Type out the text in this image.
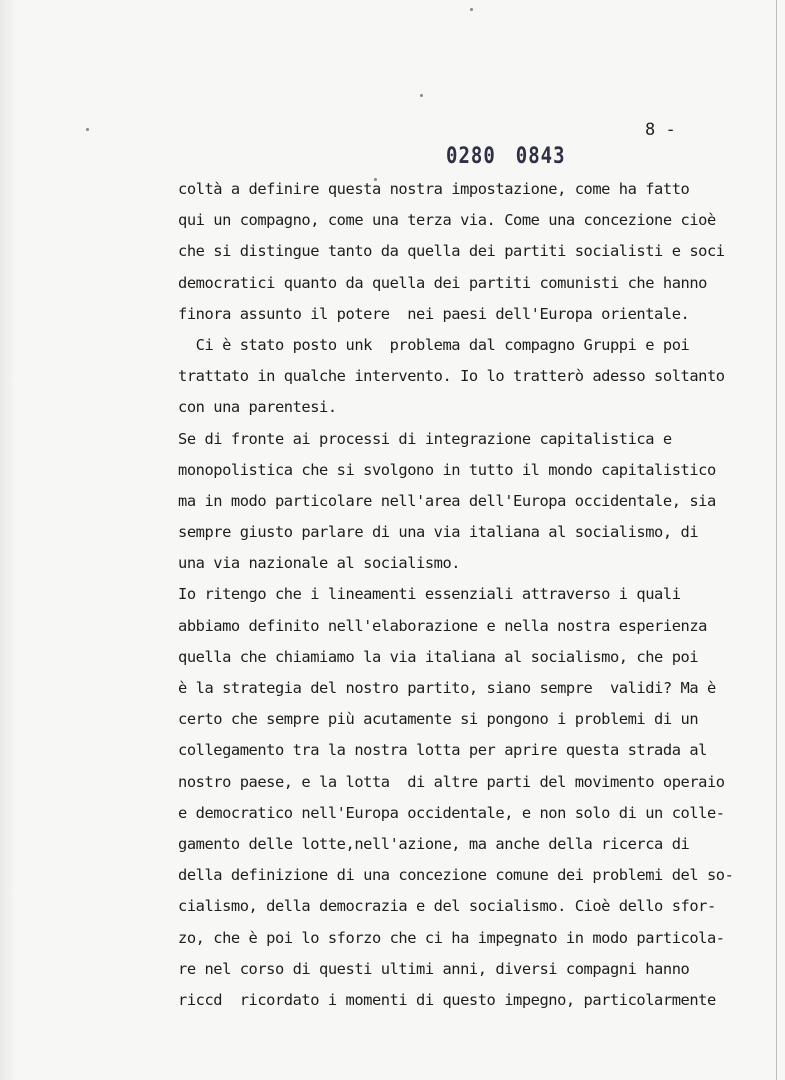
8 -
0280 0843
coltà a definire questa nostra impostazione, come ha fatto
qui un compagno, come una terza via. Come una concezione cioè
che si distingue tanto da quella dei partiti socialisti e soci
democratici quanto da quella dei partiti comunisti che hanno
finora assunto il potere  nei paesi dell'Europa orientale.
Ci è stato posto unk  problema dal compagno Gruppi e poi
trattato in qualche intervento. Io lo tratterò adesso soltanto
con una parentesi.
Se di fronte ai processi di integrazione capitalistica e
monopolistica che si svolgono in tutto il mondo capitalistico
ma in modo particolare nell'area dell'Europa occidentale, sia
sempre giusto parlare di una via italiana al socialismo, di
una via nazionale al socialismo.
Io ritengo che i lineamenti essenziali attraverso i quali
abbiamo definito nell'elaborazione e nella nostra esperienza
quella che chiamiamo la via italiana al socialismo, che poi
è la strategia del nostro partito, siano sempre  validi? Ma è
certo che sempre più acutamente si pongono i problemi di un
collegamento tra la nostra lotta per aprire questa strada al
nostro paese, e la lotta  di altre parti del movimento operaio
e democratico nell'Europa occidentale, e non solo di un colle-
gamento delle lotte,nell'azione, ma anche della ricerca di
della definizione di una concezione comune dei problemi del so-
cialismo, della democrazia e del socialismo. Cioè dello sfor-
zo, che è poi lo sforzo che ci ha impegnato in modo particola-
re nel corso di questi ultimi anni, diversi compagni hanno
riccd  ricordato i momenti di questo impegno, particolarmente
